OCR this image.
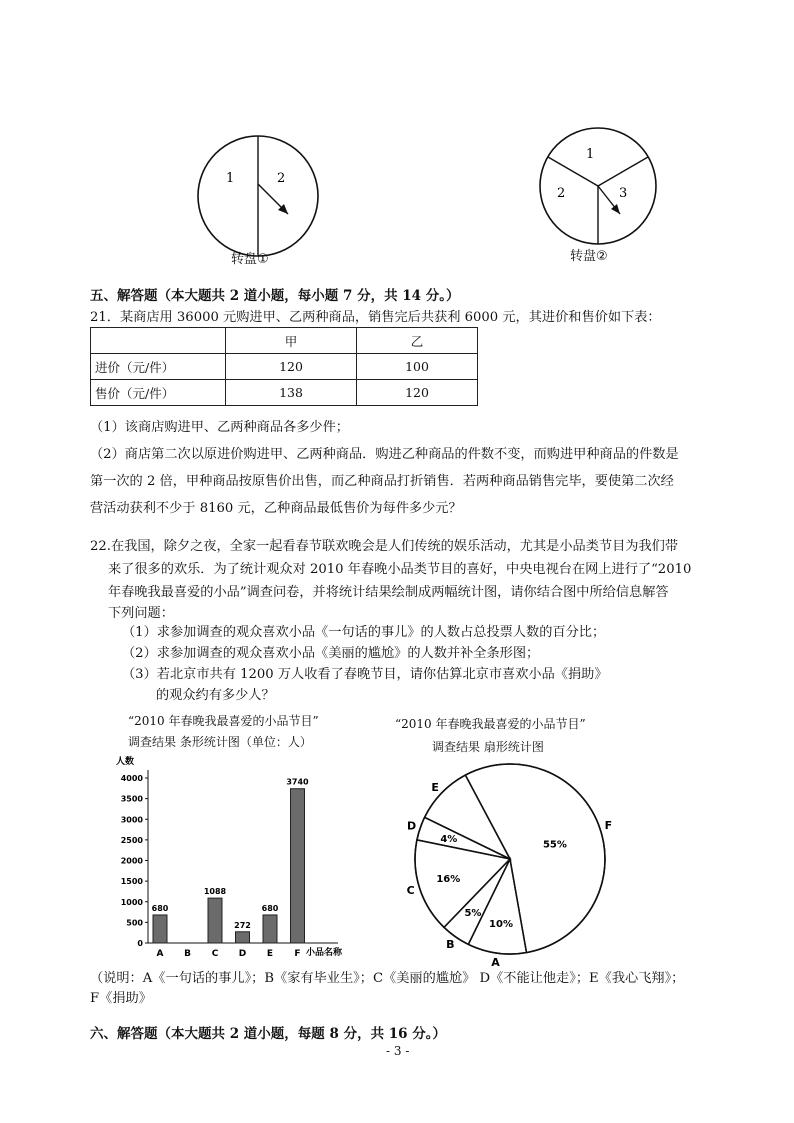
1	2
转盘①
1
2	3
转盘②
五、解答题（本大题共 2 道小题，每小题 7 分，共 14 分。）
21．某商店用 36000 元购进甲、乙两种商品，销售完后共获利 6000 元，其进价和售价如下表：
	甲	乙
进价（元/件）	120	100
售价（元/件）	138	120
（1）该商店购进甲、乙两种商品各多少件；
（2）商店第二次以原进价购进甲、乙两种商品．购进乙种商品的件数不变，而购进甲种商品的件数是
第一次的 2 倍，甲种商品按原售价出售，而乙种商品打折销售．若两种商品销售完毕，要使第二次经
营活动获利不少于 8160 元，乙种商品最低售价为每件多少元？
22.在我国，除夕之夜，全家一起看春节联欢晚会是人们传统的娱乐活动，尤其是小品类节目为我们带
来了很多的欢乐．为了统计观众对 2010 年春晚小品类节目的喜好，中央电视台在网上进行了“2010
年春晚我最喜爱的小品”调查问卷，并将统计结果绘制成两幅统计图，请你结合图中所给信息解答
下列问题：
（1）求参加调查的观众喜欢小品《一句话的事儿》的人数占总投票人数的百分比；
（2）求参加调查的观众喜欢小品《美丽的尴尬》的人数并补全条形图；
（3）若北京市共有 1200 万人收看了春晚节目，请你估算北京市喜欢小品《捐助》
的观众约有多少人？
“2010 年春晚我最喜爱的小品节目”
调查结果 条形统计图（单位：人）
人数
0
500
1000
1500
2000
2500
3000
3500
4000
A
680
B C
1088
D
272
E
680
F
3740
小品名称
“2010 年春晚我最喜爱的小品节目”
调查结果 扇形统计图
55%
F
10%
A
5%
B
16%
C
4%
D
E
（说明：A《一句话的事儿》；B《家有毕业生》；C《美丽的尴尬》 D《不能让他走》；E《我心飞翔》；
F《捐助》
六、解答题（本大题共 2 道小题，每题 8 分，共 16 分。）
- 3 -
